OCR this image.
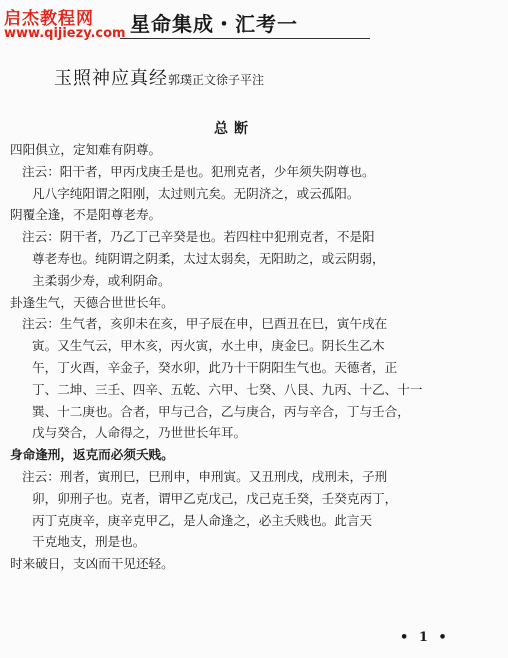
启杰教程网
www.qijiezy.com 星命集成・汇考一
玉照神应真经郭璞正文徐子平注
总断
四阳俱立，定知难有阴尊。
注云：阳干者，甲丙戊庚壬是也。犯刑克者，少年须失阴尊也。
凡八字纯阳谓之阳刚，太过则亢矣。无阴济之，或云孤阳。
阴覆全逢，不是阳尊老寿。
注云：阴干者，乃乙丁己辛癸是也。若四柱中犯刑克者，不是阳
尊老寿也。纯阴谓之阴柔，太过太弱矣，无阳助之，或云阴弱，
主柔弱少寿，或利阴命。
卦逢生气，天德合世世长年。
注云：生气者，亥卯未在亥，甲子辰在申，巳酉丑在巳，寅午戌在
寅。又生气云，甲木亥，丙火寅，水土申，庚金巳。阴长生乙木
午，丁火酉，辛金子，癸水卯，此乃十干阴阳生气也。天德者，正
丁、二坤、三壬、四辛、五乾、六甲、七癸、八艮、九丙、十乙、十一
巽、十二庚也。合者，甲与己合，乙与庚合，丙与辛合，丁与壬合，
戊与癸合，人命得之，乃世世长年耳。
身命逢刑，返克而必须夭贱。
注云：刑者，寅刑巳，巳刑申，申刑寅。又丑刑戌，戌刑未，子刑
卯，卯刑子也。克者，谓甲乙克戊己，戊己克壬癸，壬癸克丙丁，
丙丁克庚辛，庚辛克甲乙，是人命逢之，必主夭贱也。此言天
干克地支，刑是也。
时来破日，支凶而干见还轻。
• 1 •
